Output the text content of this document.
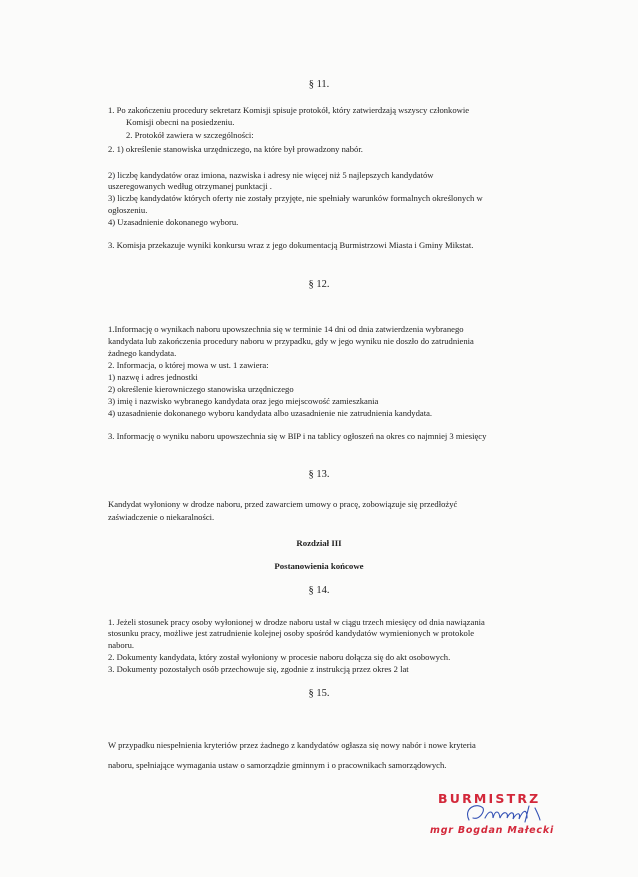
§ 11.
1. Po zakończeniu procedury sekretarz Komisji spisuje protokół, który zatwierdzają wszyscy członkowie
Komisji obecni na posiedzeniu.
2. Protokół zawiera w szczególności:
2. 1) określenie stanowiska urzędniczego, na które był prowadzony nabór.
2) liczbę kandydatów oraz imiona, nazwiska i adresy nie więcej niż 5 najlepszych kandydatów
uszeregowanych według otrzymanej punktacji .
3) liczbę kandydatów których oferty nie zostały przyjęte, nie spełniały warunków formalnych określonych w
ogłoszeniu.
4) Uzasadnienie dokonanego wyboru.
3. Komisja przekazuje wyniki konkursu wraz z jego dokumentacją Burmistrzowi Miasta i Gminy Mikstat.
§ 12.
1.Informację o wynikach naboru upowszechnia się w terminie 14 dni od dnia zatwierdzenia wybranego
kandydata lub zakończenia procedury naboru w przypadku, gdy w jego wyniku nie doszło do zatrudnienia
żadnego kandydata.
2. Informacja, o której mowa w ust. 1 zawiera:
1) nazwę i adres jednostki
2) określenie kierowniczego stanowiska urzędniczego
3) imię i nazwisko wybranego kandydata oraz jego miejscowość zamieszkania
4) uzasadnienie dokonanego wyboru kandydata albo uzasadnienie nie zatrudnienia kandydata.
3. Informację o wyniku naboru upowszechnia się w BIP i na tablicy ogłoszeń na okres co najmniej 3 miesięcy
§ 13.
Kandydat wyłoniony w drodze naboru, przed zawarciem umowy o pracę, zobowiązuje się przedłożyć
zaświadczenie o niekaralności.
Rozdział III
Postanowienia końcowe
§ 14.
1. Jeżeli stosunek pracy osoby wyłonionej w drodze naboru ustał w ciągu trzech miesięcy od dnia nawiązania
stosunku pracy, możliwe jest zatrudnienie kolejnej osoby spośród kandydatów wymienionych w protokole
naboru.
2. Dokumenty kandydata, który został wyłoniony w procesie naboru dołącza się do akt osobowych.
3. Dokumenty pozostałych osób przechowuje się, zgodnie z instrukcją przez okres 2 lat
§ 15.
W przypadku niespełnienia kryteriów przez żadnego z kandydatów ogłasza się nowy nabór i nowe kryteria
naboru, spełniające wymagania ustaw o samorządzie gminnym i o pracownikach samorządowych.
BURMISTRZ
mgr Bogdan Małecki
